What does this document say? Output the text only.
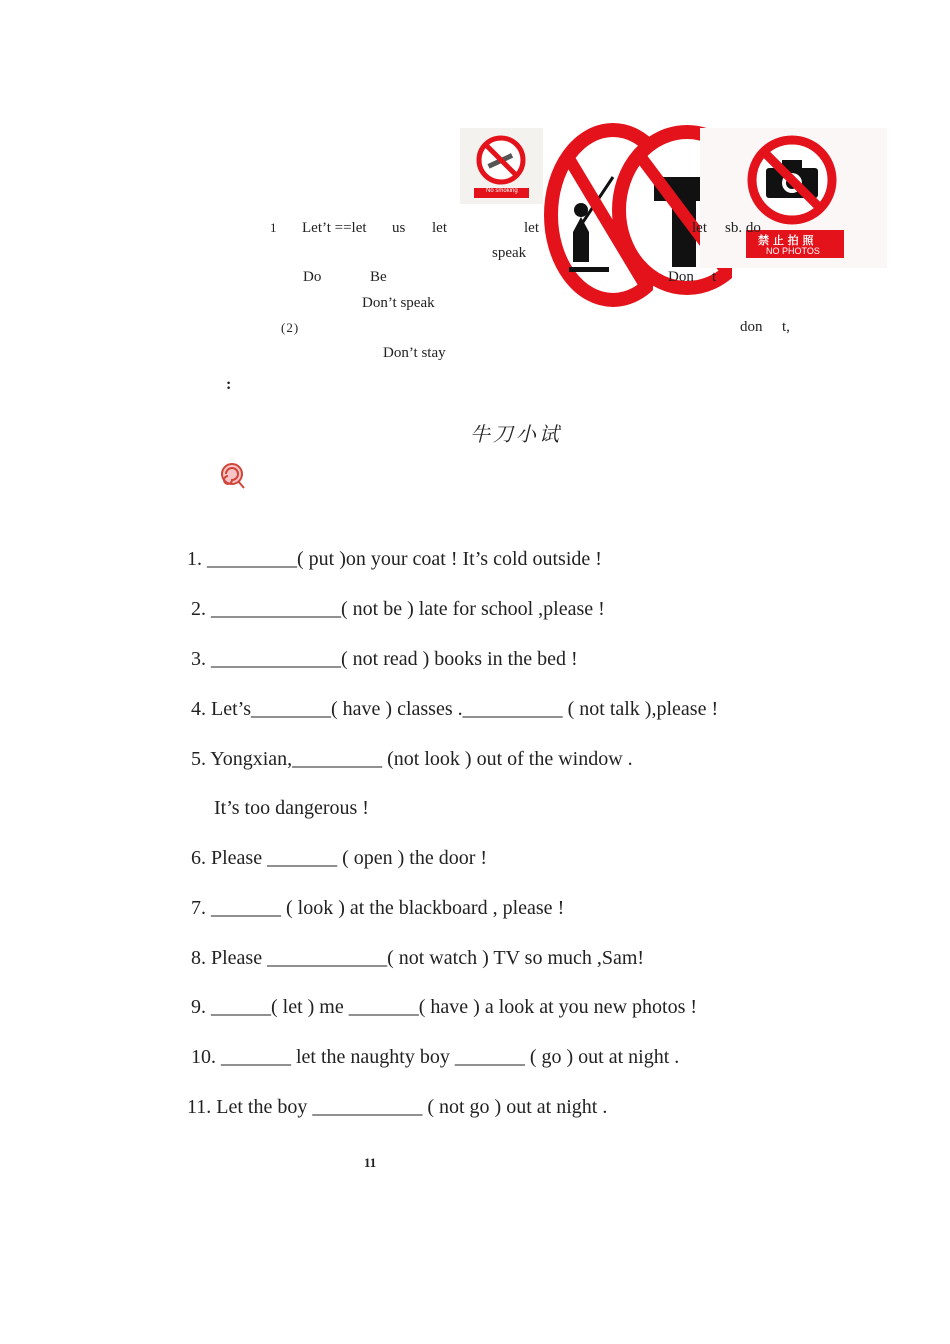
No smoking
禁 止 拍 照
NO PHOTOS
1 Let’t ==let us let	let	let sb. do
speak
Do	Be	Don t
Don’t speak
(2)	don t,
Don’t stay
:
牛刀小试
1. _________( put )on your coat ! It’s cold outside !
2. _____________( not be ) late for school ,please !
3. _____________( not read ) books in the bed !
4. Let’s________( have ) classes .__________ ( not talk ),please !
5. Yongxian,_________ (not look ) out of the window .
It’s too dangerous !
6. Please _______ ( open ) the door !
7. _______ ( look ) at the blackboard , please !
8. Please ____________( not watch ) TV so much ,Sam!
9. ______( let ) me _______( have ) a look at you new photos !
10. _______ let the naughty boy _______ ( go ) out at night .
11. Let the boy ___________ ( not go ) out at night .
11
